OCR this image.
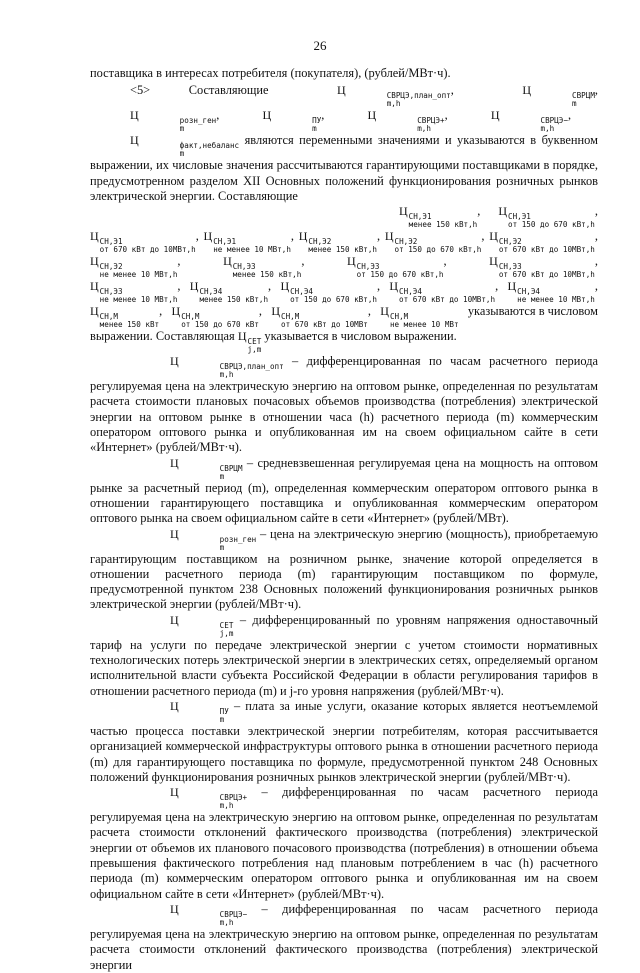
26

поставщика в интересах потребителя (покупателя), (рублей/МВт·ч).

<5>	Составляющие	Ц	СВРЦЭ,план_опт
m,h
,	Ц	СВРЦМ
m
, Ц	розн_ген
m
,	Ц	ПУ
m
,	Ц	СВРЦЭ+
m,h
,	Ц	СВРЦЭ−
m,h
,
Ц	факт,небаланс
m
являются переменными значениями и указываются в буквенном выражении, их числовые значения рассчитываются гарантирующими поставщиками в порядке, предусмотренном разделом XII Основных положений функционирования розничных рынков электрической энергии. Составляющие

Ц СН,Э1
менее 150 кВт,h
, Ц СН,Э1
от 150 до 670 кВт,h
,
Ц СН,Э1
от 670 кВт до 10МВт,h
, Ц СН,Э1
не менее 10 МВт,h
, Ц СН,Э2
менее 150 кВт,h
, Ц СН,Э2
от 150 до 670 кВт,h
, Ц СН,Э2
от 670 кВт до 10МВт,h
,
Ц СН,Э2
не менее 10 МВт,h
,	Ц СН,Э3
менее 150 кВт,h
,	Ц СН,Э3
от 150 до 670 кВт,h
,	Ц СН,Э3
от 670 кВт до 10МВт,h
,
Ц СН,Э3
не менее 10 МВт,h
, Ц СН,Э4
менее 150 кВт,h
, Ц СН,Э4
от 150 до 670 кВт,h
, Ц СН,Э4
от 670 кВт до 10МВт,h
, Ц СН,Э4
не менее 10 МВт,h
,
Ц СН,М
менее 150 кВт
, Ц СН,М
от 150 до 670 кВт
, Ц СН,М
от 670 кВт до 10МВт
, Ц СН,М
не менее 10 МВт
указываются в числовом

выражении. Составляющая Ц СЕТ
j,m
указывается в числовом выражении.

Ц	СВРЦЭ,план_опт
m,h
– дифференцированная по часам расчетного периода регулируемая цена на электрическую энергию на оптовом рынке, определенная по результатам расчета стоимости плановых почасовых объемов производства (потребления) электрической энергии на оптовом рынке в отношении часа (h) расчетного периода (m) коммерческим оператором оптового рынка и опубликованная им на своем официальном сайте в сети «Интернет» (рублей/МВт·ч).

Ц	СВРЦМ
m
– средневзвешенная регулируемая цена на мощность на оптовом рынке за расчетный период (m), определенная коммерческим оператором оптового рынка в отношении гарантирующего поставщика и опубликованная коммерческим оператором оптового рынка на своем официальном сайте в сети «Интернет» (рублей/МВт).

Ц	розн_ген
m
– цена на электрическую энергию (мощность), приобретаемую гарантирующим поставщиком на розничном рынке, значение которой определяется в отношении расчетного периода (m) гарантирующим поставщиком по формуле, предусмотренной пунктом 238 Основных положений функционирования розничных рынков электрической энергии (рублей/МВт·ч).

Ц	СЕТ
j,m
– дифференцированный по уровням напряжения одноставочный тариф на услуги по передаче электрической энергии с учетом стоимости нормативных технологических потерь электрической энергии в электрических сетях, определяемый органом исполнительной власти субъекта Российской Федерации в области регулирования тарифов в отношении расчетного периода (m) и j-го уровня напряжения (рублей/МВт·ч).

Ц	ПУ
m
– плата за иные услуги, оказание которых является неотъемлемой частью процесса поставки электрической энергии потребителям, которая рассчитывается организацией коммерческой инфраструктуры оптового рынка в отношении расчетного периода (m) для гарантирующего поставщика по формуле, предусмотренной пунктом 248 Основных положений функционирования розничных рынков электрической энергии (рублей/МВт·ч).

Ц	СВРЦЭ+
m,h
– дифференцированная по часам расчетного периода регулируемая цена на электрическую энергию на оптовом рынке, определенная по результатам расчета стоимости отклонений фактического производства (потребления) электрической энергии от объемов их планового почасового производства (потребления) в отношении объема превышения фактического потребления над плановым потреблением в час (h) расчетного периода (m) коммерческим оператором оптового рынка и опубликованная им на своем официальном сайте в сети «Интернет» (рублей/МВт·ч).

Ц	СВРЦЭ−
m,h
– дифференцированная по часам расчетного периода регулируемая цена на электрическую энергию на оптовом рынке, определенная по результатам расчета стоимости отклонений фактического производства (потребления) электрической энергии
